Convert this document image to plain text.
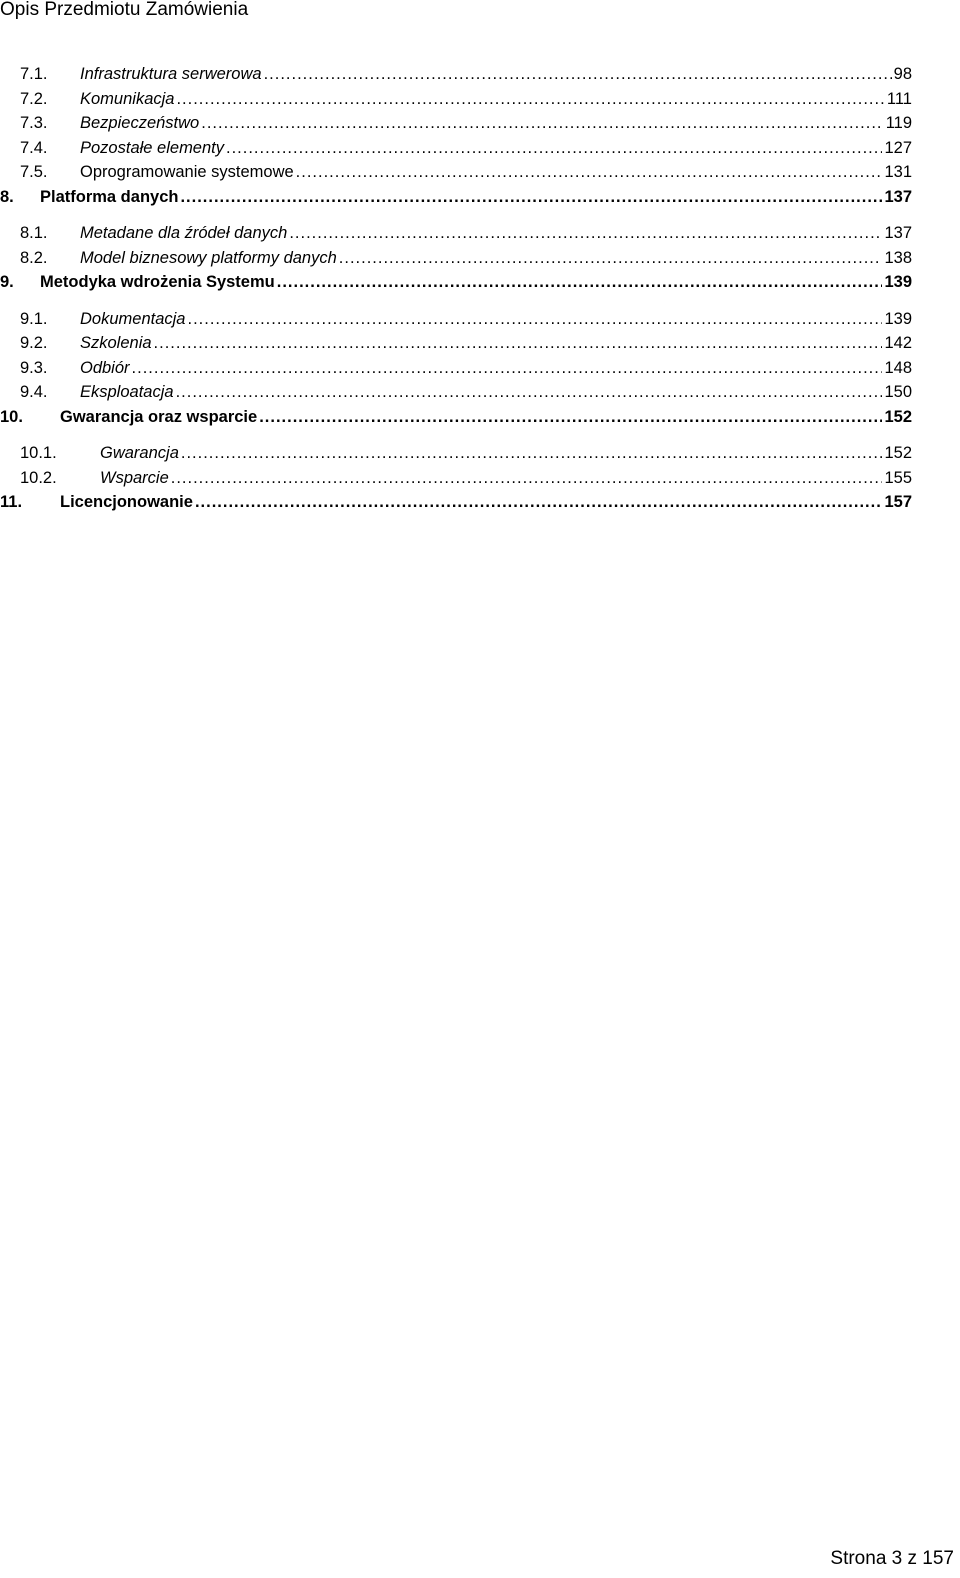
Opis Przedmiotu Zamówienia
7.1.	Infrastruktura serwerowa .....	98
7.2.	Komunikacja .....	111
7.3.	Bezpieczeństwo .....	119
7.4.	Pozostałe elementy .....	127
7.5.	Oprogramowanie systemowe .....	131
8.	Platforma danych .....	137
8.1.	Metadane dla źródeł danych .....	137
8.2.	Model biznesowy platformy danych .....	138
9.	Metodyka wdrożenia Systemu .....	139
9.1.	Dokumentacja .....	139
9.2.	Szkolenia .....	142
9.3.	Odbiór .....	148
9.4.	Eksploatacja .....	150
10.	Gwarancja oraz wsparcie .....	152
10.1.	Gwarancja .....	152
10.2.	Wsparcie .....	155
11.	Licencjonowanie .....	157
Strona 3 z 157
